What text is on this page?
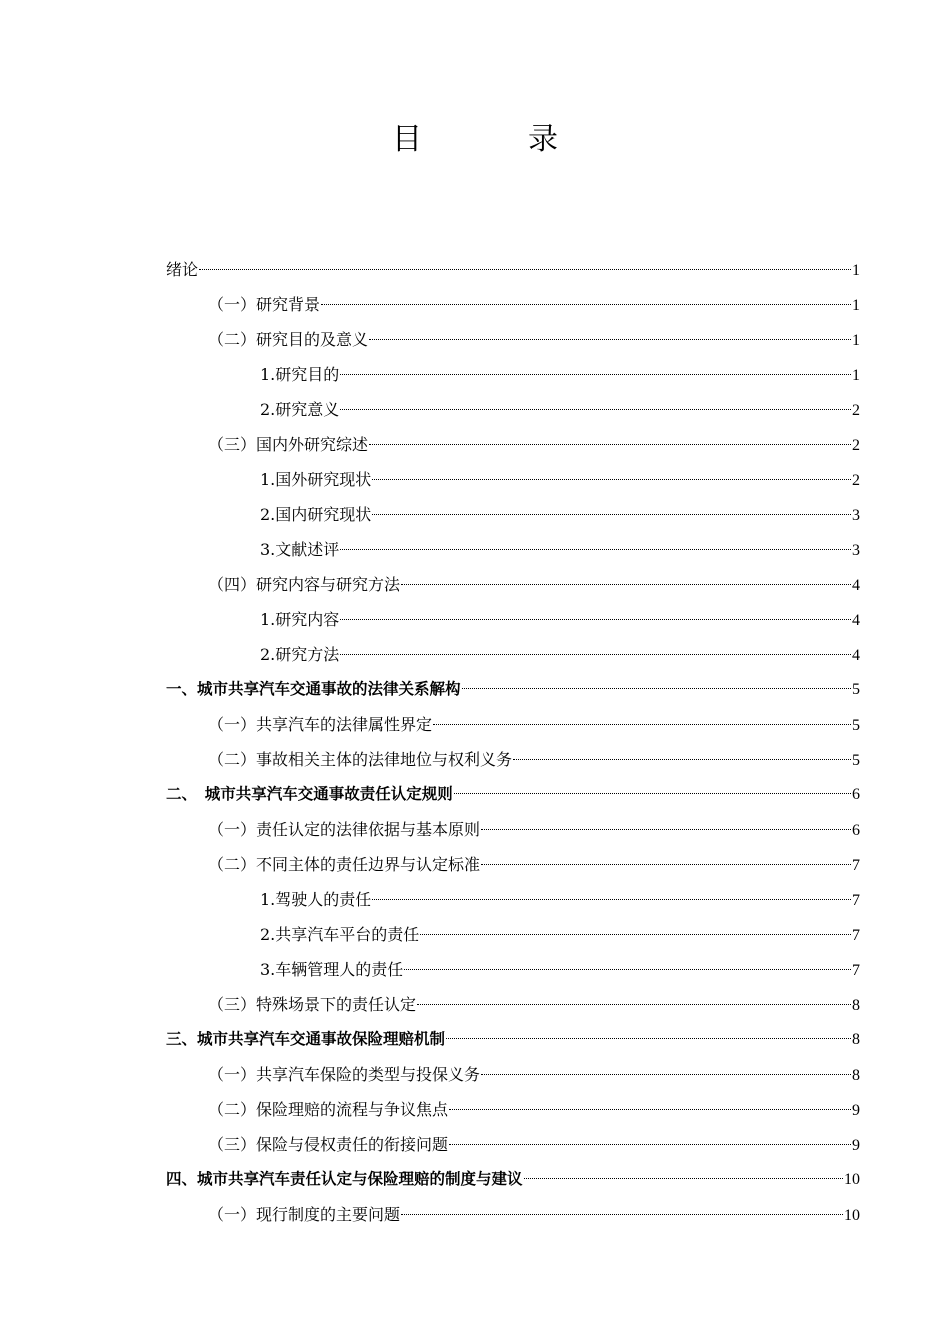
目　录
绪论	1
（一）研究背景	1
（二）研究目的及意义	1
1.研究目的	1
2.研究意义	2
（三）国内外研究综述	2
1.国外研究现状	2
2.国内研究现状	3
3.文献述评	3
（四）研究内容与研究方法	4
1.研究内容	4
2.研究方法	4
一、城市共享汽车交通事故的法律关系解构	5
（一）共享汽车的法律属性界定	5
（二）事故相关主体的法律地位与权利义务	5
二、　城市共享汽车交通事故责任认定规则	6
（一）责任认定的法律依据与基本原则	6
（二）不同主体的责任边界与认定标准	7
1.驾驶人的责任	7
2.共享汽车平台的责任	7
3.车辆管理人的责任	7
（三）特殊场景下的责任认定	8
三、城市共享汽车交通事故保险理赔机制	8
（一）共享汽车保险的类型与投保义务	8
（二）保险理赔的流程与争议焦点	9
（三）保险与侵权责任的衔接问题	9
四、城市共享汽车责任认定与保险理赔的制度与建议	10
（一）现行制度的主要问题	10
